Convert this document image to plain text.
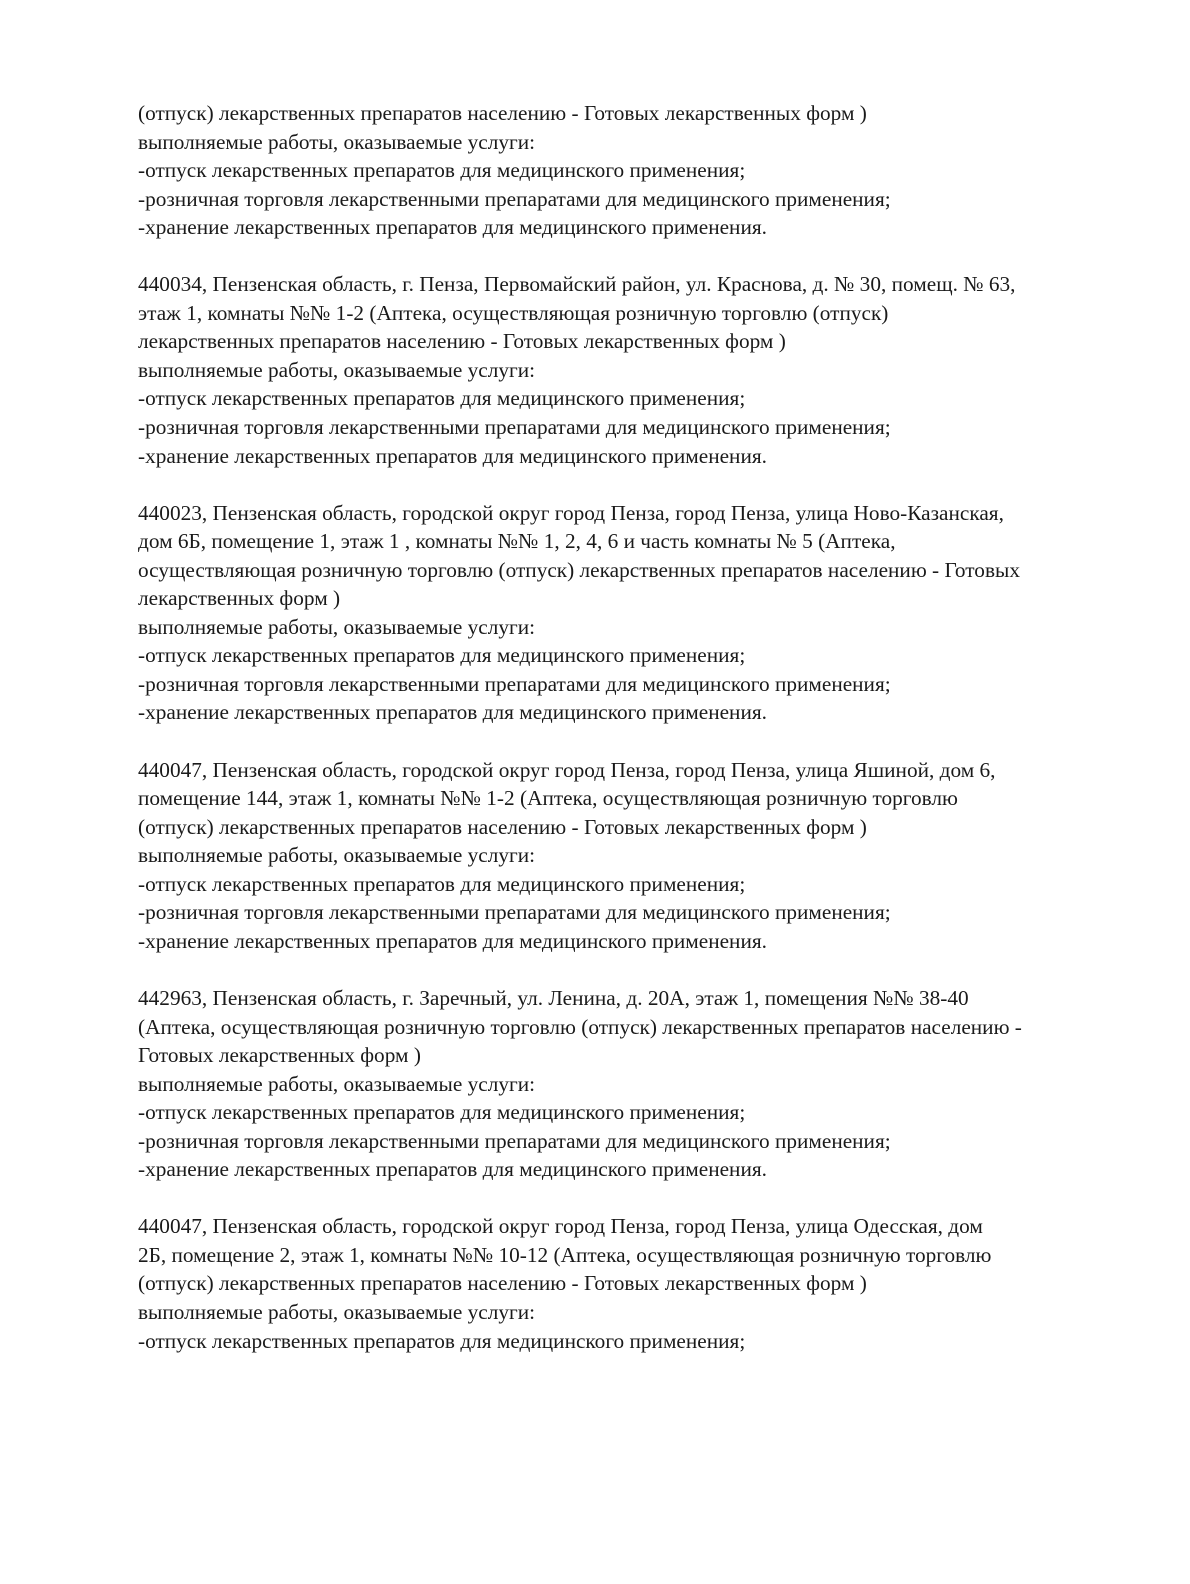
(отпуск) лекарственных препаратов населению - Готовых лекарственных форм )
выполняемые работы, оказываемые услуги:
-отпуск лекарственных препаратов для медицинского применения;
-розничная торговля лекарственными препаратами для медицинского применения;
-хранение лекарственных препаратов для медицинского применения.
440034, Пензенская область, г. Пенза, Первомайский район, ул. Краснова, д. № 30, помещ. № 63,
этаж 1, комнаты №№ 1-2 (Аптека, осуществляющая розничную торговлю (отпуск)
лекарственных препаратов населению - Готовых лекарственных форм )
выполняемые работы, оказываемые услуги:
-отпуск лекарственных препаратов для медицинского применения;
-розничная торговля лекарственными препаратами для медицинского применения;
-хранение лекарственных препаратов для медицинского применения.
440023, Пензенская область, городской округ город Пенза, город Пенза, улица Ново-Казанская,
дом 6Б, помещение 1, этаж 1 , комнаты №№ 1, 2, 4, 6 и часть комнаты № 5 (Аптека,
осуществляющая розничную торговлю (отпуск) лекарственных препаратов населению - Готовых
лекарственных форм )
выполняемые работы, оказываемые услуги:
-отпуск лекарственных препаратов для медицинского применения;
-розничная торговля лекарственными препаратами для медицинского применения;
-хранение лекарственных препаратов для медицинского применения.
440047, Пензенская область, городской округ город Пенза, город Пенза, улица Яшиной, дом 6,
помещение 144, этаж 1, комнаты №№ 1-2 (Аптека, осуществляющая розничную торговлю
(отпуск) лекарственных препаратов населению - Готовых лекарственных форм )
выполняемые работы, оказываемые услуги:
-отпуск лекарственных препаратов для медицинского применения;
-розничная торговля лекарственными препаратами для медицинского применения;
-хранение лекарственных препаратов для медицинского применения.
442963, Пензенская область, г. Заречный, ул. Ленина, д. 20А, этаж 1, помещения №№ 38-40
(Аптека, осуществляющая розничную торговлю (отпуск) лекарственных препаратов населению -
Готовых лекарственных форм )
выполняемые работы, оказываемые услуги:
-отпуск лекарственных препаратов для медицинского применения;
-розничная торговля лекарственными препаратами для медицинского применения;
-хранение лекарственных препаратов для медицинского применения.
440047, Пензенская область, городской округ город Пенза, город Пенза, улица Одесская, дом
2Б, помещение 2, этаж 1, комнаты №№ 10-12 (Аптека, осуществляющая розничную торговлю
(отпуск) лекарственных препаратов населению - Готовых лекарственных форм )
выполняемые работы, оказываемые услуги:
-отпуск лекарственных препаратов для медицинского применения;
